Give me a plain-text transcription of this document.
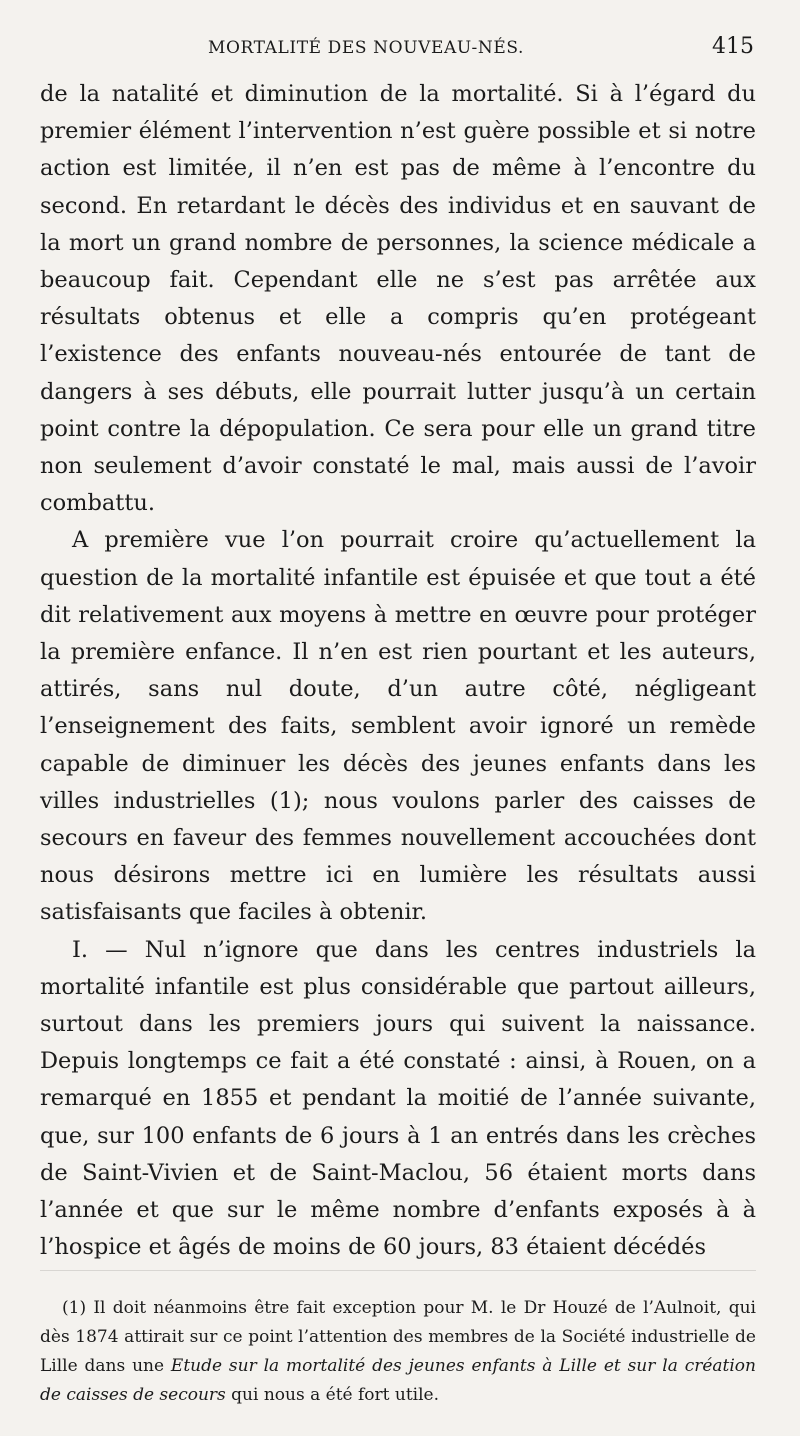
MORTALITÉ DES NOUVEAU-NÉS.	415

de la natalité et diminution de la mortalité. Si à l’égard du premier élément l’intervention n’est guère possible et si notre action est limitée, il n’en est pas de même à l’encontre du second. En retardant le décès des individus et en sauvant de la mort un grand nombre de personnes, la science médicale a beaucoup fait. Cependant elle ne s’est pas arrêtée aux résultats obtenus et elle a compris qu’en protégeant l’existence des enfants nouveau-nés entourée de tant de dangers à ses débuts, elle pourrait lutter jusqu’à un certain point contre la dépopulation. Ce sera pour elle un grand titre non seulement d’avoir constaté le mal, mais aussi de l’avoir combattu.

A première vue l’on pourrait croire qu’actuellement la question de la mortalité infantile est épuisée et que tout a été dit relativement aux moyens à mettre en œuvre pour protéger la première enfance. Il n’en est rien pourtant et les auteurs, attirés, sans nul doute, d’un autre côté, négligeant l’enseignement des faits, semblent avoir ignoré un remède capable de diminuer les décès des jeunes enfants dans les villes industrielles (1); nous voulons parler des caisses de secours en faveur des femmes nouvellement accouchées dont nous désirons mettre ici en lumière les résultats aussi satisfaisants que faciles à obtenir.

I. — Nul n’ignore que dans les centres industriels la mortalité infantile est plus considérable que partout ailleurs, surtout dans les premiers jours qui suivent la naissance. Depuis longtemps ce fait a été constaté : ainsi, à Rouen, on a remarqué en 1855 et pendant la moitié de l’année suivante, que, sur 100 enfants de 6 jours à 1 an entrés dans les crèches de Saint-Vivien et de Saint-Maclou, 56 étaient morts dans l’année et que sur le même nombre d’enfants exposés à à l’hospice et âgés de moins de 60 jours, 83 étaient décédés

(1) Il doit néanmoins être fait exception pour M. le Dr Houzé de l’Aulnoit, qui dès 1874 attirait sur ce point l’attention des membres de la Société industrielle de Lille dans une Etude sur la mortalité des jeunes enfants à Lille et sur la création de caisses de secours qui nous a été fort utile.
